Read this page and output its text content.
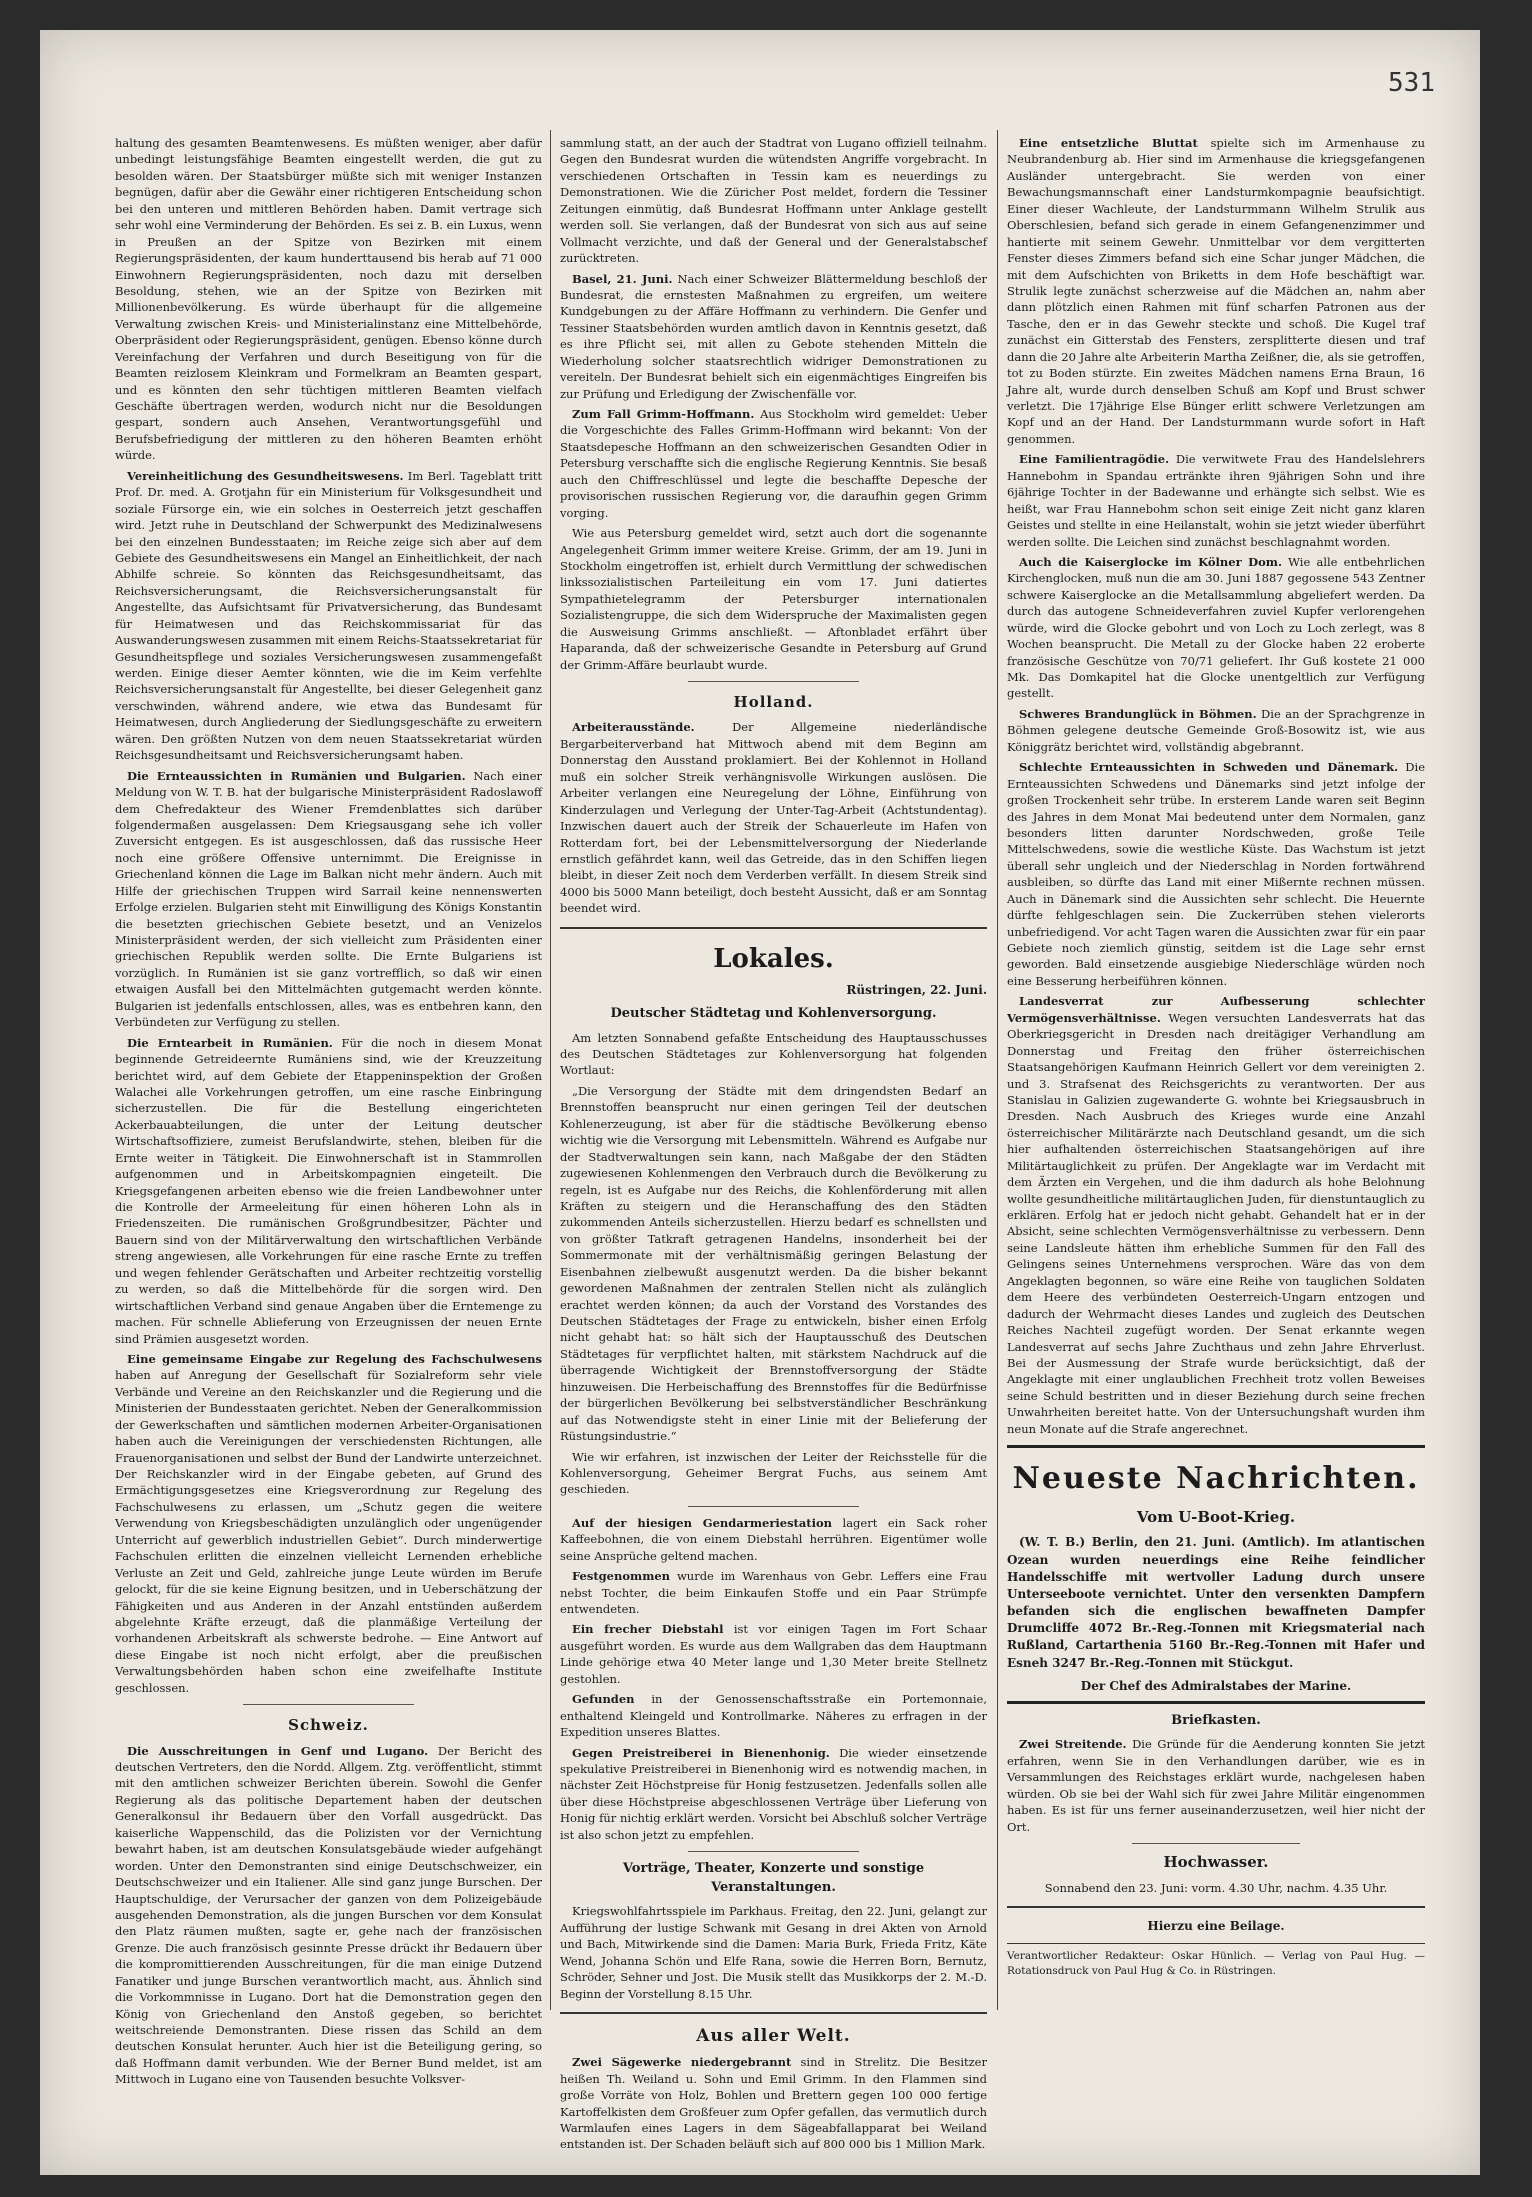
531

haltung des gesamten Beamtenwesens. Es müßten weniger, aber dafür unbedingt leistungsfähige Beamten eingestellt werden, die gut zu besolden wären. Der Staatsbürger müßte sich mit weniger Instanzen begnügen, dafür aber die Gewähr einer richtigeren Entscheidung schon bei den unteren und mittleren Behörden haben. Damit vertrage sich sehr wohl eine Verminderung der Behörden. Es sei z. B. ein Luxus, wenn in Preußen an der Spitze von Bezirken mit einem Regierungspräsidenten, der kaum hunderttausend bis herab auf 71 000 Einwohnern Regierungspräsidenten, noch dazu mit derselben Besoldung, stehen, wie an der Spitze von Bezirken mit Millionenbevölkerung. Es würde überhaupt für die allgemeine Verwaltung zwischen Kreis- und Ministerialinstanz eine Mittelbehörde, Oberpräsident oder Regierungspräsident, genügen. Ebenso könne durch Vereinfachung der Verfahren und durch Beseitigung von für die Beamten reizlosem Kleinkram und Formelkram an Beamten gespart, und es könnten den sehr tüchtigen mittleren Beamten vielfach Geschäfte übertragen werden, wodurch nicht nur die Besoldungen gespart, sondern auch Ansehen, Verantwortungsgefühl und Berufsbefriedigung der mittleren zu den höheren Beamten erhöht würde.

Vereinheitlichung des Gesundheitswesens. Im Berl. Tageblatt tritt Prof. Dr. med. A. Grotjahn für ein Ministerium für Volksgesundheit und soziale Fürsorge ein, wie ein solches in Oesterreich jetzt geschaffen wird. Jetzt ruhe in Deutschland der Schwerpunkt des Medizinalwesens bei den einzelnen Bundesstaaten; im Reiche zeige sich aber auf dem Gebiete des Gesundheitswesens ein Mangel an Einheitlichkeit, der nach Abhilfe schreie. So könnten das Reichsgesundheitsamt, das Reichsversicherungsamt, die Reichsversicherungsanstalt für Angestellte, das Aufsichtsamt für Privatversicherung, das Bundesamt für Heimatwesen und das Reichskommissariat für das Auswanderungswesen zusammen mit einem Reichs-Staatssekretariat für Gesundheitspflege und soziales Versicherungswesen zusammengefaßt werden. Einige dieser Aemter könnten, wie die im Keim verfehlte Reichsversicherungsanstalt für Angestellte, bei dieser Gelegenheit ganz verschwinden, während andere, wie etwa das Bundesamt für Heimatwesen, durch Angliederung der Siedlungsgeschäfte zu erweitern wären. Den größten Nutzen von dem neuen Staatssekretariat würden Reichsgesundheitsamt und Reichsversicherungsamt haben.

Die Ernteaussichten in Rumänien und Bulgarien. Nach einer Meldung von W. T. B. hat der bulgarische Ministerpräsident Radoslawoff dem Chefredakteur des Wiener Fremdenblattes sich darüber folgendermaßen ausgelassen: Dem Kriegsausgang sehe ich voller Zuversicht entgegen. Es ist ausgeschlossen, daß das russische Heer noch eine größere Offensive unternimmt. Die Ereignisse in Griechenland können die Lage im Balkan nicht mehr ändern. Auch mit Hilfe der griechischen Truppen wird Sarrail keine nennenswerten Erfolge erzielen. Bulgarien steht mit Einwilligung des Königs Konstantin die besetzten griechischen Gebiete besetzt, und an Venizelos Ministerpräsident werden, der sich vielleicht zum Präsidenten einer griechischen Republik werden sollte. Die Ernte Bulgariens ist vorzüglich. In Rumänien ist sie ganz vortrefflich, so daß wir einen etwaigen Ausfall bei den Mittelmächten gutgemacht werden könnte. Bulgarien ist jedenfalls entschlossen, alles, was es entbehren kann, den Verbündeten zur Verfügung zu stellen.

Die Erntearbeit in Rumänien. Für die noch in diesem Monat beginnende Getreideernte Rumäniens sind, wie der Kreuzzeitung berichtet wird, auf dem Gebiete der Etappeninspektion der Großen Walachei alle Vorkehrungen getroffen, um eine rasche Einbringung sicherzustellen. Die für die Bestellung eingerichteten Ackerbauabteilungen, die unter der Leitung deutscher Wirtschaftsoffiziere, zumeist Berufslandwirte, stehen, bleiben für die Ernte weiter in Tätigkeit. Die Einwohnerschaft ist in Stammrollen aufgenommen und in Arbeitskompagnien eingeteilt. Die Kriegsgefangenen arbeiten ebenso wie die freien Landbewohner unter die Kontrolle der Armeeleitung für einen höheren Lohn als in Friedenszeiten. Die rumänischen Großgrundbesitzer, Pächter und Bauern sind von der Militärverwaltung den wirtschaftlichen Verbände streng angewiesen, alle Vorkehrungen für eine rasche Ernte zu treffen und wegen fehlender Gerätschaften und Arbeiter rechtzeitig vorstellig zu werden, so daß die Mittelbehörde für die sorgen wird. Den wirtschaftlichen Verband sind genaue Angaben über die Erntemenge zu machen. Für schnelle Ablieferung von Erzeugnissen der neuen Ernte sind Prämien ausgesetzt worden.

Eine gemeinsame Eingabe zur Regelung des Fachschulwesens haben auf Anregung der Gesellschaft für Sozialreform sehr viele Verbände und Vereine an den Reichskanzler und die Regierung und die Ministerien der Bundesstaaten gerichtet. Neben der Generalkommission der Gewerkschaften und sämtlichen modernen Arbeiter-Organisationen haben auch die Vereinigungen der verschiedensten Richtungen, alle Frauenorganisationen und selbst der Bund der Landwirte unterzeichnet. Der Reichskanzler wird in der Eingabe gebeten, auf Grund des Ermächtigungsgesetzes eine Kriegsverordnung zur Regelung des Fachschulwesens zu erlassen, um „Schutz gegen die weitere Verwendung von Kriegsbeschädigten unzulänglich oder ungenügender Unterricht auf gewerblich industriellen Gebiet“. Durch minderwertige Fachschulen erlitten die einzelnen vielleicht Lernenden erhebliche Verluste an Zeit und Geld, zahlreiche junge Leute würden im Berufe gelockt, für die sie keine Eignung besitzen, und in Ueberschätzung der Fähigkeiten und aus Anderen in der Anzahl entstünden außerdem abgelehnte Kräfte erzeugt, daß die planmäßige Verteilung der vorhandenen Arbeitskraft als schwerste bedrohe. — Eine Antwort auf diese Eingabe ist noch nicht erfolgt, aber die preußischen Verwaltungsbehörden haben schon eine zweifelhafte Institute geschlossen.

Schweiz.

Die Ausschreitungen in Genf und Lugano. Der Bericht des deutschen Vertreters, den die Nordd. Allgem. Ztg. veröffentlicht, stimmt mit den amtlichen schweizer Berichten überein. Sowohl die Genfer Regierung als das politische Departement haben der deutschen Generalkonsul ihr Bedauern über den Vorfall ausgedrückt. Das kaiserliche Wappenschild, das die Polizisten vor der Vernichtung bewahrt haben, ist am deutschen Konsulatsgebäude wieder aufgehängt worden. Unter den Demonstranten sind einige Deutschschweizer, ein Deutschschweizer und ein Italiener. Alle sind ganz junge Burschen. Der Hauptschuldige, der Verursacher der ganzen von dem Polizeigebäude ausgehenden Demonstration, als die jungen Burschen vor dem Konsulat den Platz räumen mußten, sagte er, gehe nach der französischen Grenze. Die auch französisch gesinnte Presse drückt ihr Bedauern über die kompromittierenden Ausschreitungen, für die man einige Dutzend Fanatiker und junge Burschen verantwortlich macht, aus. Ähnlich sind die Vorkommnisse in Lugano. Dort hat die Demonstration gegen den König von Griechenland den Anstoß gegeben, so berichtet weitschreiende Demonstranten. Diese rissen das Schild an dem deutschen Konsulat herunter. Auch hier ist die Beteiligung gering, so daß Hoffmann damit verbunden. Wie der Berner Bund meldet, ist am Mittwoch in Lugano eine von Tausenden besuchte Volksver-

sammlung statt, an der auch der Stadtrat von Lugano offiziell teilnahm. Gegen den Bundesrat wurden die wütendsten Angriffe vorgebracht. In verschiedenen Ortschaften in Tessin kam es neuerdings zu Demonstrationen. Wie die Züricher Post meldet, fordern die Tessiner Zeitungen einmütig, daß Bundesrat Hoffmann unter Anklage gestellt werden soll. Sie verlangen, daß der Bundesrat von sich aus auf seine Vollmacht verzichte, und daß der General und der Generalstabschef zurücktreten.

Basel, 21. Juni. Nach einer Schweizer Blättermeldung beschloß der Bundesrat, die ernstesten Maßnahmen zu ergreifen, um weitere Kundgebungen zu der Affäre Hoffmann zu verhindern. Die Genfer und Tessiner Staatsbehörden wurden amtlich davon in Kenntnis gesetzt, daß es ihre Pflicht sei, mit allen zu Gebote stehenden Mitteln die Wiederholung solcher staatsrechtlich widriger Demonstrationen zu vereiteln. Der Bundesrat behielt sich ein eigenmächtiges Eingreifen bis zur Prüfung und Erledigung der Zwischenfälle vor.

Zum Fall Grimm-Hoffmann. Aus Stockholm wird gemeldet: Ueber die Vorgeschichte des Falles Grimm-Hoffmann wird bekannt: Von der Staatsdepesche Hoffmann an den schweizerischen Gesandten Odier in Petersburg verschaffte sich die englische Regierung Kenntnis. Sie besaß auch den Chiffreschlüssel und legte die beschaffte Depesche der provisorischen russischen Regierung vor, die daraufhin gegen Grimm vorging.

Wie aus Petersburg gemeldet wird, setzt auch dort die sogenannte Angelegenheit Grimm immer weitere Kreise. Grimm, der am 19. Juni in Stockholm eingetroffen ist, erhielt durch Vermittlung der schwedischen linkssozialistischen Parteileitung ein vom 17. Juni datiertes Sympathietelegramm der Petersburger internationalen Sozialistengruppe, die sich dem Widerspruche der Maximalisten gegen die Ausweisung Grimms anschließt. — Aftonbladet erfährt über Haparanda, daß der schweizerische Gesandte in Petersburg auf Grund der Grimm-Affäre beurlaubt wurde.

Holland.

Arbeiterausstände. Der Allgemeine niederländische Bergarbeiterverband hat Mittwoch abend mit dem Beginn am Donnerstag den Ausstand proklamiert. Bei der Kohlennot in Holland muß ein solcher Streik verhängnisvolle Wirkungen auslösen. Die Arbeiter verlangen eine Neuregelung der Löhne, Einführung von Kinderzulagen und Verlegung der Unter-Tag-Arbeit (Achtstundentag). Inzwischen dauert auch der Streik der Schauerleute im Hafen von Rotterdam fort, bei der Lebensmittelversorgung der Niederlande ernstlich gefährdet kann, weil das Getreide, das in den Schiffen liegen bleibt, in dieser Zeit noch dem Verderben verfällt. In diesem Streik sind 4000 bis 5000 Mann beteiligt, doch besteht Aussicht, daß er am Sonntag beendet wird.

Lokales.
Rüstringen, 22. Juni.
Deutscher Städtetag und Kohlenversorgung.

Am letzten Sonnabend gefaßte Entscheidung des Hauptausschusses des Deutschen Städtetages zur Kohlenversorgung hat folgenden Wortlaut:

„Die Versorgung der Städte mit dem dringendsten Bedarf an Brennstoffen beansprucht nur einen geringen Teil der deutschen Kohlenerzeugung, ist aber für die städtische Bevölkerung ebenso wichtig wie die Versorgung mit Lebensmitteln. Während es Aufgabe nur der Stadtverwaltungen sein kann, nach Maßgabe der den Städten zugewiesenen Kohlenmengen den Verbrauch durch die Bevölkerung zu regeln, ist es Aufgabe nur des Reichs, die Kohlenförderung mit allen Kräften zu steigern und die Heranschaffung des den Städten zukommenden Anteils sicherzustellen. Hierzu bedarf es schnellsten und von größter Tatkraft getragenen Handelns, insonderheit bei der Sommermonate mit der verhältnismäßig geringen Belastung der Eisenbahnen zielbewußt ausgenutzt werden. Da die bisher bekannt gewordenen Maßnahmen der zentralen Stellen nicht als zulänglich erachtet werden können; da auch der Vorstand des Vorstandes des Deutschen Städtetages der Frage zu entwickeln, bisher einen Erfolg nicht gehabt hat: so hält sich der Hauptausschuß des Deutschen Städtetages für verpflichtet halten, mit stärkstem Nachdruck auf die überragende Wichtigkeit der Brennstoffversorgung der Städte hinzuweisen. Die Herbeischaffung des Brennstoffes für die Bedürfnisse der bürgerlichen Bevölkerung bei selbstverständlicher Beschränkung auf das Notwendigste steht in einer Linie mit der Belieferung der Rüstungsindustrie.“

Wie wir erfahren, ist inzwischen der Leiter der Reichsstelle für die Kohlenversorgung, Geheimer Bergrat Fuchs, aus seinem Amt geschieden.

Auf der hiesigen Gendarmeriestation lagert ein Sack roher Kaffeebohnen, die von einem Diebstahl herrühren. Eigentümer wolle seine Ansprüche geltend machen.

Festgenommen wurde im Warenhaus von Gebr. Leffers eine Frau nebst Tochter, die beim Einkaufen Stoffe und ein Paar Strümpfe entwendeten.

Ein frecher Diebstahl ist vor einigen Tagen im Fort Schaar ausgeführt worden. Es wurde aus dem Wallgraben das dem Hauptmann Linde gehörige etwa 40 Meter lange und 1,30 Meter breite Stellnetz gestohlen.

Gefunden in der Genossenschaftsstraße ein Portemonnaie, enthaltend Kleingeld und Kontrollmarke. Näheres zu erfragen in der Expedition unseres Blattes.

Gegen Preistreiberei in Bienenhonig. Die wieder einsetzende spekulative Preistreiberei in Bienenhonig wird es notwendig machen, in nächster Zeit Höchstpreise für Honig festzusetzen. Jedenfalls sollen alle über diese Höchstpreise abgeschlossenen Verträge über Lieferung von Honig für nichtig erklärt werden. Vorsicht bei Abschluß solcher Verträge ist also schon jetzt zu empfehlen.

Vorträge, Theater, Konzerte und sonstige Veranstaltungen.

Kriegswohlfahrtsspiele im Parkhaus. Freitag, den 22. Juni, gelangt zur Aufführung der lustige Schwank mit Gesang in drei Akten von Arnold und Bach, Mitwirkende sind die Damen: Maria Burk, Frieda Fritz, Käte Wend, Johanna Schön und Elfe Rana, sowie die Herren Born, Bernutz, Schröder, Sehner und Jost. Die Musik stellt das Musikkorps der 2. M.-D. Beginn der Vorstellung 8.15 Uhr.

Aus aller Welt.

Zwei Sägewerke niedergebrannt sind in Strelitz. Die Besitzer heißen Th. Weiland u. Sohn und Emil Grimm. In den Flammen sind große Vorräte von Holz, Bohlen und Brettern gegen 100 000 fertige Kartoffelkisten dem Großfeuer zum Opfer gefallen, das vermutlich durch Warmlaufen eines Lagers in dem Sägeabfallapparat bei Weiland entstanden ist. Der Schaden beläuft sich auf 800 000 bis 1 Million Mark.

Eine entsetzliche Bluttat spielte sich im Armenhause zu Neubrandenburg ab. Hier sind im Armenhause die kriegsgefangenen Ausländer untergebracht. Sie werden von einer Bewachungsmannschaft einer Landsturmkompagnie beaufsichtigt. Einer dieser Wachleute, der Landsturmmann Wilhelm Strulik aus Oberschlesien, befand sich gerade in einem Gefangenenzimmer und hantierte mit seinem Gewehr. Unmittelbar vor dem vergitterten Fenster dieses Zimmers befand sich eine Schar junger Mädchen, die mit dem Aufschichten von Briketts in dem Hofe beschäftigt war. Strulik legte zunächst scherzweise auf die Mädchen an, nahm aber dann plötzlich einen Rahmen mit fünf scharfen Patronen aus der Tasche, den er in das Gewehr steckte und schoß. Die Kugel traf zunächst ein Gitterstab des Fensters, zersplitterte diesen und traf dann die 20 Jahre alte Arbeiterin Martha Zeißner, die, als sie getroffen, tot zu Boden stürzte. Ein zweites Mädchen namens Erna Braun, 16 Jahre alt, wurde durch denselben Schuß am Kopf und Brust schwer verletzt. Die 17jährige Else Bünger erlitt schwere Verletzungen am Kopf und an der Hand. Der Landsturmmann wurde sofort in Haft genommen.

Eine Familientragödie. Die verwitwete Frau des Handelslehrers Hannebohm in Spandau ertränkte ihren 9jährigen Sohn und ihre 6jährige Tochter in der Badewanne und erhängte sich selbst. Wie es heißt, war Frau Hannebohm schon seit einige Zeit nicht ganz klaren Geistes und stellte in eine Heilanstalt, wohin sie jetzt wieder überführt werden sollte. Die Leichen sind zunächst beschlagnahmt worden.

Auch die Kaiserglocke im Kölner Dom. Wie alle entbehrlichen Kirchenglocken, muß nun die am 30. Juni 1887 gegossene 543 Zentner schwere Kaiserglocke an die Metallsammlung abgeliefert werden. Da durch das autogene Schneideverfahren zuviel Kupfer verlorengehen würde, wird die Glocke gebohrt und von Loch zu Loch zerlegt, was 8 Wochen beansprucht. Die Metall zu der Glocke haben 22 eroberte französische Geschütze von 70/71 geliefert. Ihr Guß kostete 21 000 Mk. Das Domkapitel hat die Glocke unentgeltlich zur Verfügung gestellt.

Schweres Brandunglück in Böhmen. Die an der Sprachgrenze in Böhmen gelegene deutsche Gemeinde Groß-Bosowitz ist, wie aus Königgrätz berichtet wird, vollständig abgebrannt.

Schlechte Ernteaussichten in Schweden und Dänemark. Die Ernteaussichten Schwedens und Dänemarks sind jetzt infolge der großen Trockenheit sehr trübe. In ersterem Lande waren seit Beginn des Jahres in dem Monat Mai bedeutend unter dem Normalen, ganz besonders litten darunter Nordschweden, große Teile Mittelschwedens, sowie die westliche Küste. Das Wachstum ist jetzt überall sehr ungleich und der Niederschlag in Norden fortwährend ausbleiben, so dürfte das Land mit einer Mißernte rechnen müssen. Auch in Dänemark sind die Aussichten sehr schlecht. Die Heuernte dürfte fehlgeschlagen sein. Die Zuckerrüben stehen vielerorts unbefriedigend. Vor acht Tagen waren die Aussichten zwar für ein paar Gebiete noch ziemlich günstig, seitdem ist die Lage sehr ernst geworden. Bald einsetzende ausgiebige Niederschläge würden noch eine Besserung herbeiführen können.

Landesverrat zur Aufbesserung schlechter Vermögensverhältnisse. Wegen versuchten Landesverrats hat das Oberkriegsgericht in Dresden nach dreitägiger Verhandlung am Donnerstag und Freitag den früher österreichischen Staatsangehörigen Kaufmann Heinrich Gellert vor dem vereinigten 2. und 3. Strafsenat des Reichsgerichts zu verantworten. Der aus Stanislau in Galizien zugewanderte G. wohnte bei Kriegsausbruch in Dresden. Nach Ausbruch des Krieges wurde eine Anzahl österreichischer Militärärzte nach Deutschland gesandt, um die sich hier aufhaltenden österreichischen Staatsangehörigen auf ihre Militärtauglichkeit zu prüfen. Der Angeklagte war im Verdacht mit dem Ärzten ein Vergehen, und die ihm dadurch als hohe Belohnung wollte gesundheitliche militärtauglichen Juden, für dienstuntauglich zu erklären. Erfolg hat er jedoch nicht gehabt. Gehandelt hat er in der Absicht, seine schlechten Vermögensverhältnisse zu verbessern. Denn seine Landsleute hätten ihm erhebliche Summen für den Fall des Gelingens seines Unternehmens versprochen. Wäre das von dem Angeklagten begonnen, so wäre eine Reihe von tauglichen Soldaten dem Heere des verbündeten Oesterreich-Ungarn entzogen und dadurch der Wehrmacht dieses Landes und zugleich des Deutschen Reiches Nachteil zugefügt worden. Der Senat erkannte wegen Landesverrat auf sechs Jahre Zuchthaus und zehn Jahre Ehrverlust. Bei der Ausmessung der Strafe wurde berücksichtigt, daß der Angeklagte mit einer unglaublichen Frechheit trotz vollen Beweises seine Schuld bestritten und in dieser Beziehung durch seine frechen Unwahrheiten bereitet hatte. Von der Untersuchungshaft wurden ihm neun Monate auf die Strafe angerechnet.

Neueste Nachrichten.
Vom U-Boot-Krieg.

(W. T. B.) Berlin, den 21. Juni. (Amtlich). Im atlantischen Ozean wurden neuerdings eine Reihe feindlicher Handelsschiffe mit wertvoller Ladung durch unsere Unterseeboote vernichtet. Unter den versenkten Dampfern befanden sich die englischen bewaffneten Dampfer Drumcliffe 4072 Br.-Reg.-Tonnen mit Kriegsmaterial nach Rußland, Cartarthenia 5160 Br.-Reg.-Tonnen mit Hafer und Esneh 3247 Br.-Reg.-Tonnen mit Stückgut.

Der Chef des Admiralstabes der Marine.
Briefkasten.

Zwei Streitende. Die Gründe für die Aenderung konnten Sie jetzt erfahren, wenn Sie in den Verhandlungen darüber, wie es in Versammlungen des Reichstages erklärt wurde, nachgelesen haben würden. Ob sie bei der Wahl sich für zwei Jahre Militär eingenommen haben. Es ist für uns ferner auseinanderzusetzen, weil hier nicht der Ort.

Hochwasser.

Sonnabend den 23. Juni: vorm. 4.30 Uhr, nachm. 4.35 Uhr.

Hierzu eine Beilage.

Verantwortlicher Redakteur: Oskar Hünlich. — Verlag von Paul Hug. — Rotationsdruck von Paul Hug & Co. in Rüstringen.
